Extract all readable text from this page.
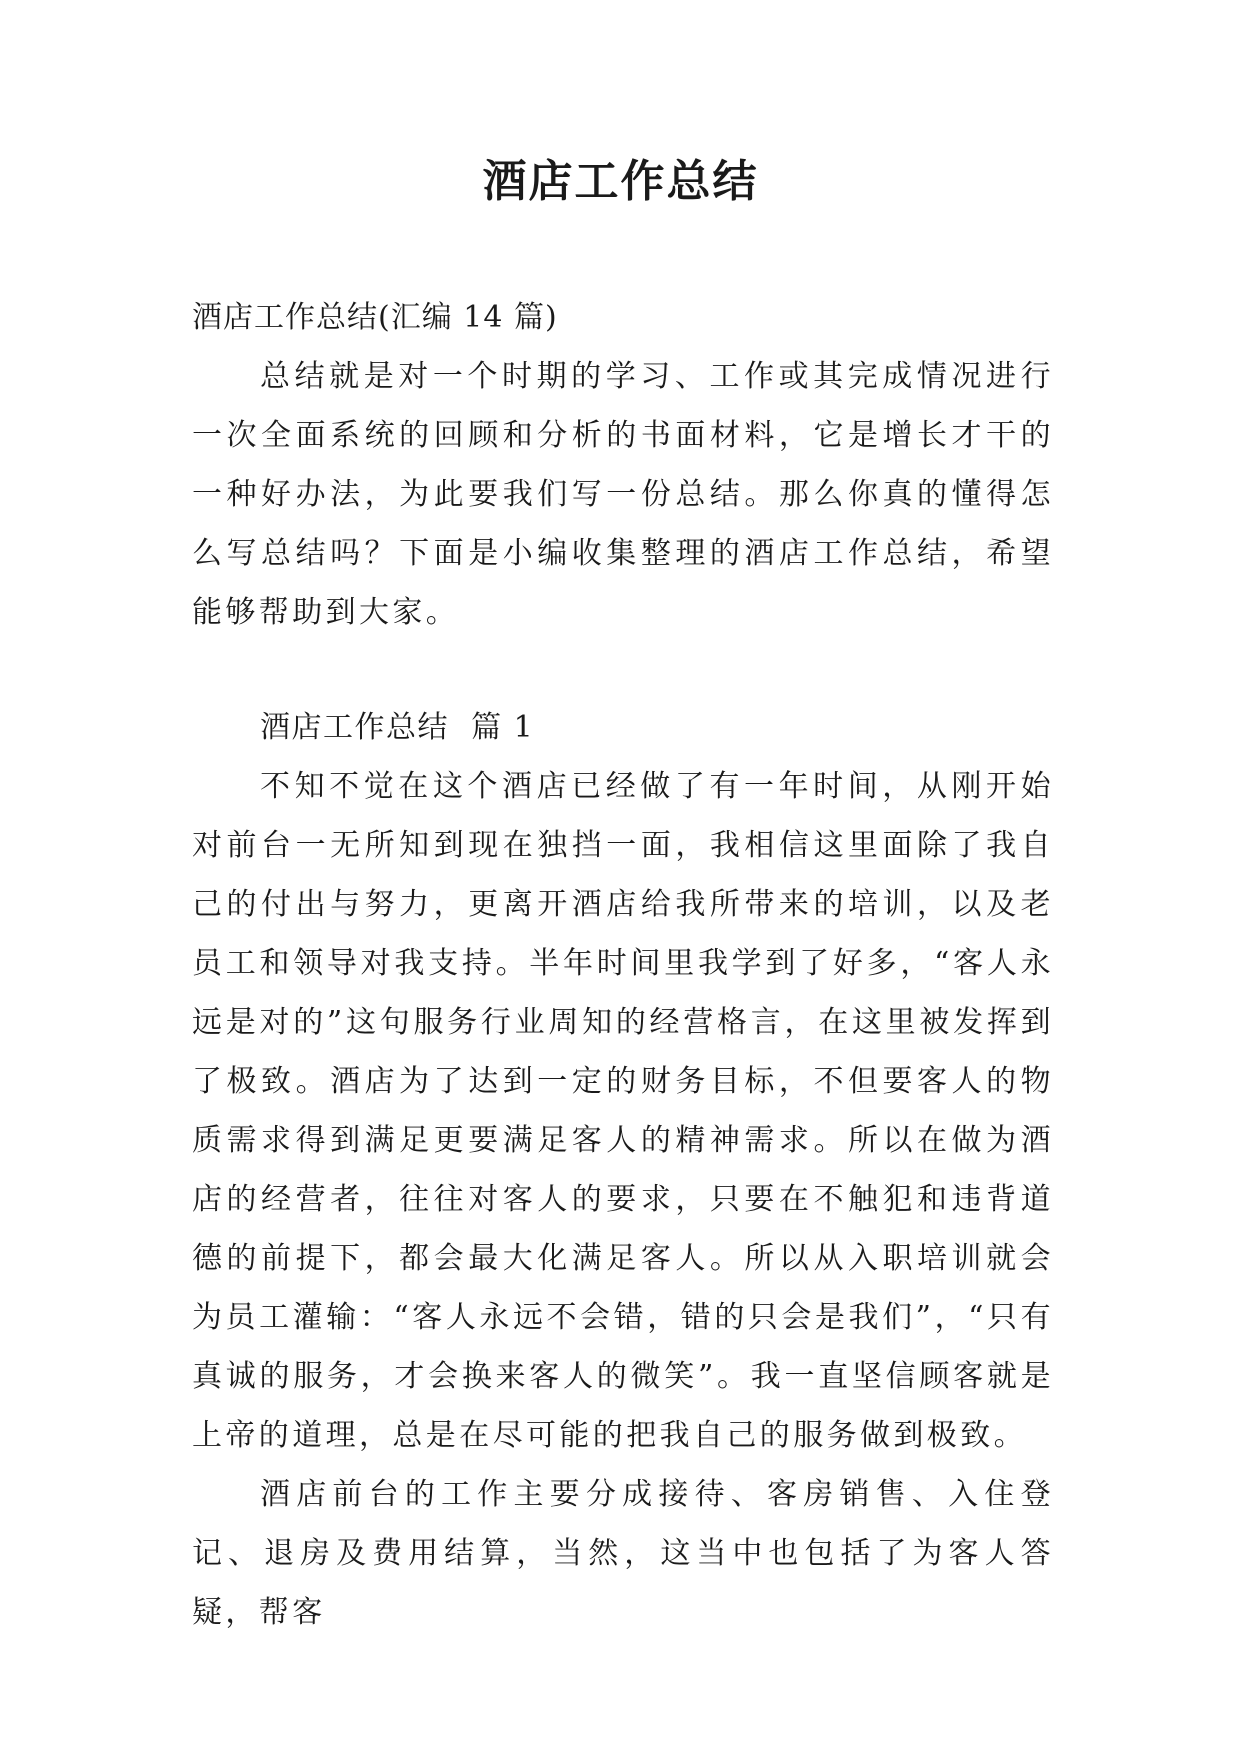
酒店工作总结

酒店工作总结(汇编 14 篇)

总结就是对一个时期的学习、工作或其完成情况进行一次全面系统的回顾和分析的书面材料，它是增长才干的一种好办法，为此要我们写一份总结。那么你真的懂得怎么写总结吗？下面是小编收集整理的酒店工作总结，希望能够帮助到大家。

酒店工作总结  篇 1

不知不觉在这个酒店已经做了有一年时间，从刚开始对前台一无所知到现在独挡一面，我相信这里面除了我自己的付出与努力，更离开酒店给我所带来的培训，以及老员工和领导对我支持。半年时间里我学到了好多，“客人永远是对的”这句服务行业周知的经营格言，在这里被发挥到了极致。酒店为了达到一定的财务目标，不但要客人的物质需求得到满足更要满足客人的精神需求。所以在做为酒店的经营者，往往对客人的要求，只要在不触犯和违背道德的前提下，都会最大化满足客人。所以从入职培训就会为员工灌输：“客人永远不会错，错的只会是我们”，“只有真诚的服务，才会换来客人的微笑”。我一直坚信顾客就是上帝的道理，总是在尽可能的把我自己的服务做到极致。

酒店前台的工作主要分成接待、客房销售、入住登记、退房及费用结算，当然，这当中也包括了为客人答疑，帮客
